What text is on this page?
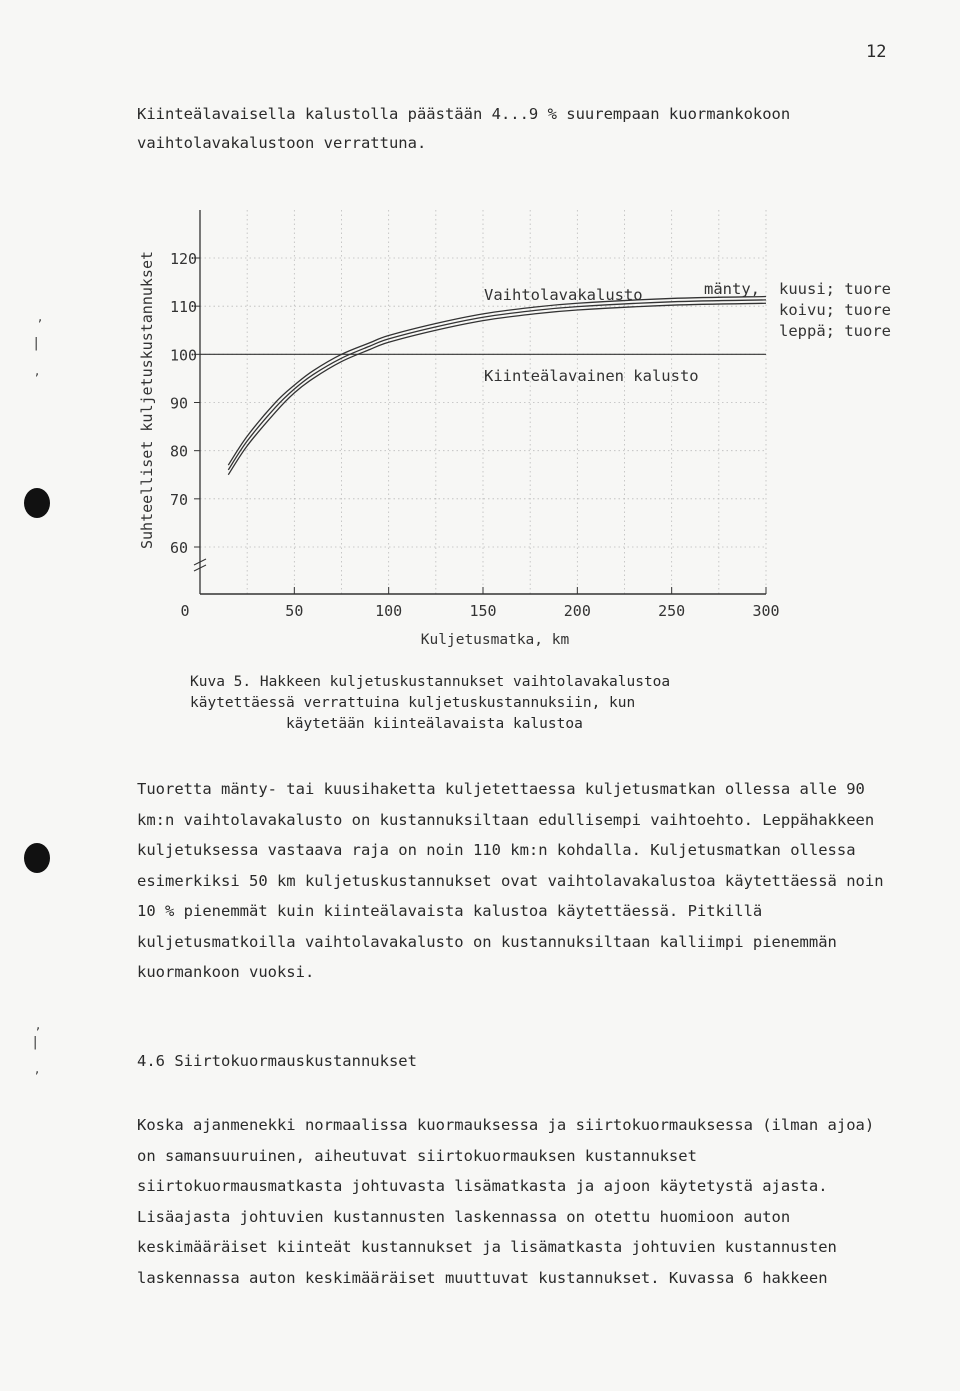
12

Kiinteälavaisella kalustolla päästään 4...9 % suurempaan kuormankokoon vaihtolavakalustoon verrattuna.

60
70
80
90
100
110
120
0	50	100	150	200	250	300
Kuljetusmatka, km
Suhteelliset kuljetuskustannukset	Vaihtolavakalusto
Kiinteälavainen kalusto
mänty, kuusi; tuore
koivu; tuore
leppä; tuore
Kuva 5. Hakkeen kuljetuskustannukset vaihtolavakalustoa
käytettäessä verrattuina kuljetuskustannuksiin, kun
käytetään kiinteälavaista kalustoa

Tuoretta mänty- tai kuusihaketta kuljetettaessa kuljetusmatkan ollessa alle 90 km:n vaihtolavakalusto on kustannuksiltaan edullisempi vaihtoehto. Leppähakkeen kuljetuksessa vastaava raja on noin 110 km:n kohdalla. Kuljetusmatkan ollessa esimerkiksi 50 km kuljetuskustannukset ovat vaihtolavakalustoa käytettäessä noin 10 % pienemmät kuin kiinteälavaista kalustoa käytettäessä. Pitkillä kuljetusmatkoilla vaihtolavakalusto on kustannuksiltaan kalliimpi pienemmän kuormankoon vuoksi.

4.6 Siirtokuormauskustannukset

Koska ajanmenekki normaalissa kuormauksessa ja siirtokuormauksessa (ilman ajoa) on samansuuruinen, aiheutuvat siirtokuormauksen kustannukset siirtokuormausmatkasta johtuvasta lisämatkasta ja ajoon käytetystä ajasta. Lisäajasta johtuvien kustannusten laskennassa on otettu huomioon auton keskimääräiset kiinteät kustannukset ja lisämatkasta johtuvien kustannusten laskennassa auton keskimääräiset muuttuvat kustannukset. Kuvassa 6 hakkeen

,
|
,
,
|
,
